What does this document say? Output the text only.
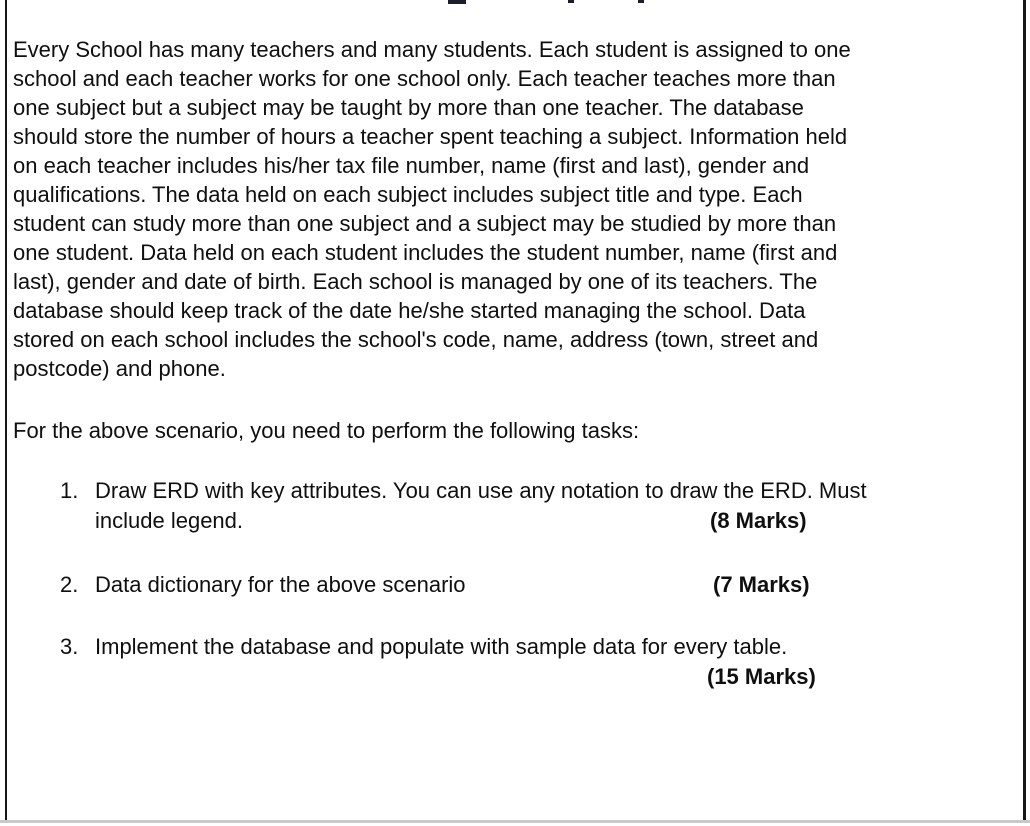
Every School has many teachers and many students. Each student is assigned to one
school and each teacher works for one school only. Each teacher teaches more than
one subject but a subject may be taught by more than one teacher. The database
should store the number of hours a teacher spent teaching a subject. Information held
on each teacher includes his/her tax file number, name (first and last), gender and
qualifications. The data held on each subject includes subject title and type. Each
student can study more than one subject and a subject may be studied by more than
one student. Data held on each student includes the student number, name (first and
last), gender and date of birth. Each school is managed by one of its teachers. The
database should keep track of the date he/she started managing the school. Data
stored on each school includes the school's code, name, address (town, street and
postcode) and phone.
For the above scenario, you need to perform the following tasks:
1. Draw ERD with key attributes. You can use any notation to draw the ERD. Must
include legend.	(8 Marks)
2. Data dictionary for the above scenario	(7 Marks)
3. Implement the database and populate with sample data for every table.
(15 Marks)
